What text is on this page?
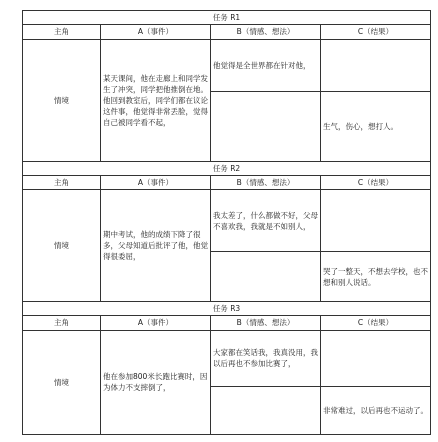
任务 R1			
主角	A（事件）	B（情感、想法）	C（结果）
情境	某天课间，他在走廊上和同学发生了冲突，同学把他推倒在地。他回到教室后，同学们都在议论这件事，他觉得非常丢脸，觉得自己被同学看不起，	他觉得是全世界都在针对他，	
			生气，伤心，想打人。
任务 R2			
主角	A（事件）	B（情感、想法）	C（结果）
情境	期中考试，他的成绩下降了很多，父母知道后批评了他，他觉得很委屈，	我太差了，什么都做不好，父母不喜欢我，我就是不如别人，	
			哭了一整天，不想去学校，也不想和别人说话。
任务 R3			
主角	A（事件）	B（情感、想法）	C（结果）
情境	他在参加800米长跑比赛时，因为体力不支摔倒了，	大家都在笑话我，我真没用，我以后再也不参加比赛了，	
			非常难过，以后再也不运动了。
